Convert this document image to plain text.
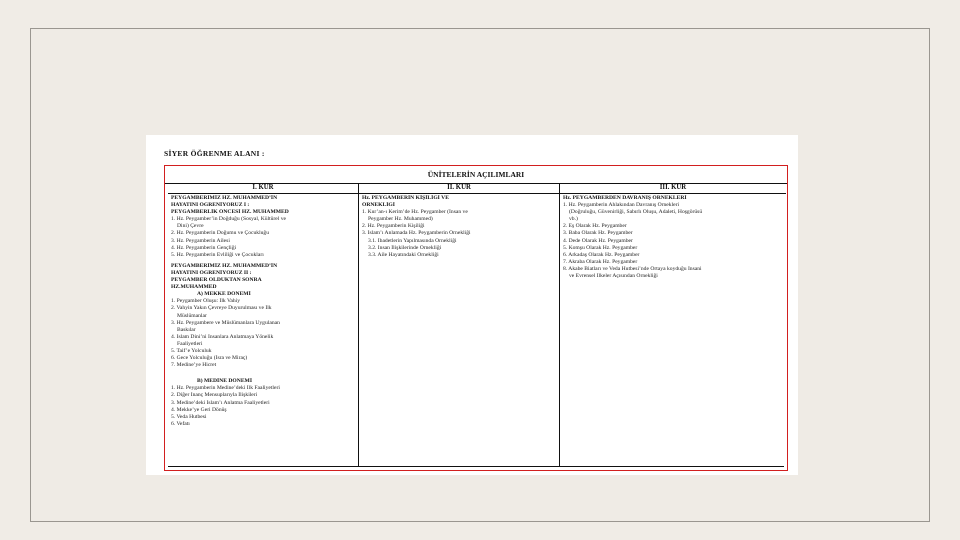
SİYER ÖĞRENME ALANI :
ÜNİTELERİN AÇILIMLARI
I. KUR
PEYGAMBERİMİZ HZ. MUHAMMED’İN
HAYATINI ÖĞRENİYORUZ I :
PEYGAMBERLİK ÖNCESİ HZ. MUHAMMED
1. Hz. Peygamber’in Doğduğu (Sosyal, Kültürel ve
Dini) Çevre
2. Hz. Peygamberin Doğumu ve Çocukluğu
3. Hz. Peygamberin Ailesi
4. Hz. Peygamberin Gençliği
5. Hz. Peygamberin Evliliği ve Çocukları
PEYGAMBERİMİZ HZ. MUHAMMED’İN
HAYATINI ÖĞRENİYORUZ II :
PEYGAMBER OLDUKTAN SONRA
HZ.MUHAMMED
A) MEKKE DÖNEMİ
1. Peygamber Oluşu: İlk Vahiy
2. Vahyin Yakın Çevreye Duyurulması ve İlk
Müslümanlar
3. Hz. Peygambere ve Müslümanlara Uygulanan
Baskılar
4. İslam Dini’ni İnsanlara Anlatmaya Yönelik
Faaliyetleri
5. Taif’e Yolculuk
6. Gece Yolculuğu (İsra ve Miraç)
7. Medine’ye Hicret
B) MEDİNE DÖNEMİ
1. Hz. Peygamberin Medine’deki İlk Faaliyetleri
2. Diğer İnanç Mensuplarıyla İlişkileri
3. Medine’deki İslam’ı Anlatma Faaliyetleri
4. Mekke’ye Geri Dönüş
5. Veda Hutbesi
6. Vefatı
II. KUR
Hz. PEYGAMBERİN KİŞİLİĞİ VE
ÖRNEKLİĞİ
1. Kur’an-ı Kerim’de Hz. Peygamber (İnsan ve
Peygamber Hz. Muhammed)
2. Hz. Peygamberin Kişiliği
3. İslam’ı Anlamada Hz. Peygamberin Örnekliği
3.1. İbadetlerin Yapılmasında Örnekliği
3.2. İnsan İlişkilerinde Örnekliği
3.3. Aile Hayatındaki Örnekliği
III. KUR
Hz. PEYGAMBERDEN DAVRANIŞ ÖRNEKLERİ
1. Hz. Peygamberin Ahlakından Davranış Örnekleri
(Doğruluğu, Güvenirliği, Sabırlı Oluşu, Adaleti, Hoşgörüsü
vb.)
2. Eş Olarak Hz. Peygamber
3. Baba Olarak Hz. Peygamber
4. Dede Olarak Hz. Peygamber
5. Komşu Olarak Hz. Peygamber
6. Arkadaş Olarak Hz. Peygamber
7. Akraba Olarak Hz. Peygamber
8. Akabe Biatları ve Veda Hutbesi’nde Ortaya koyduğu İnsani
ve Evrensel İlkeler Açısından Örnekliği
